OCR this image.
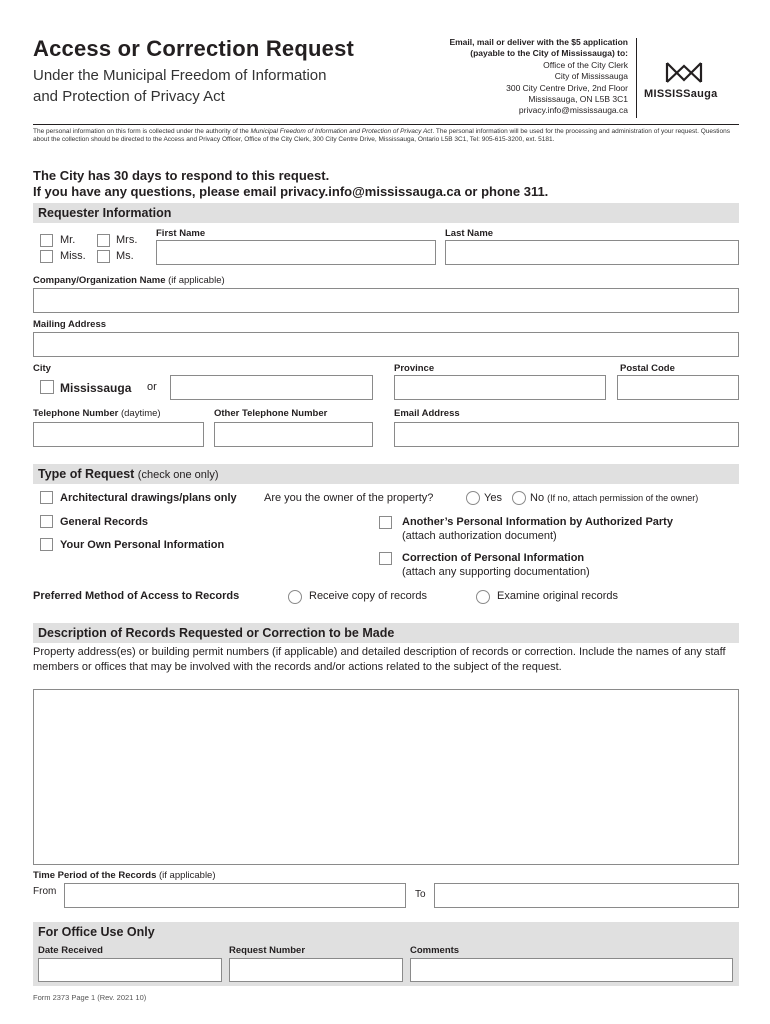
Access or Correction Request
Under the Municipal Freedom of Information
and Protection of Privacy Act
Email, mail or deliver with the $5 application
(payable to the City of Mississauga) to:
Office of the City Clerk
City of Mississauga
300 City Centre Drive, 2nd Floor
Mississauga, ON L5B 3C1
privacy.info@mississauga.ca
MISSISSauga
The personal information on this form is collected under the authority of the Municipal Freedom of Information and Protection of Privacy Act. The personal information will be used for the processing and administration of your request. Questions about the collection should be directed to the Access and Privacy Officer, Office of the City Clerk, 300 City Centre Drive, Mississauga, Ontario L5B 3C1, Tel: 905-615-3200, ext. 5181.
The City has 30 days to respond to this request.
If you have any questions, please email privacy.info@mississauga.ca or phone 311.
Requester Information
Mr.	Mrs.
Miss.	Ms.
First Name	Last Name
Company/Organization Name (if applicable)
Mailing Address
City
Mississauga or
Province	Postal Code
Telephone Number (daytime)	Other Telephone Number	Email Address
Type of Request (check one only)
Architectural drawings/plans only Are you the owner of the property?	Yes	No (If no, attach permission of the owner)
General Records
Your Own Personal Information
Another’s Personal Information by Authorized Party
(attach authorization document)
Correction of Personal Information
(attach any supporting documentation)
Preferred Method of Access to Records	Receive copy of records	Examine original records
Description of Records Requested or Correction to be Made
Property address(es) or building permit numbers (if applicable) and detailed description of records or correction. Include the names of any staff members or offices that may be involved with the records and/or actions related to the subject of the request.
Time Period of the Records (if applicable)
From	To
For Office Use Only
Date Received	Request Number	Comments
Form 2373 Page 1 (Rev. 2021 10)
